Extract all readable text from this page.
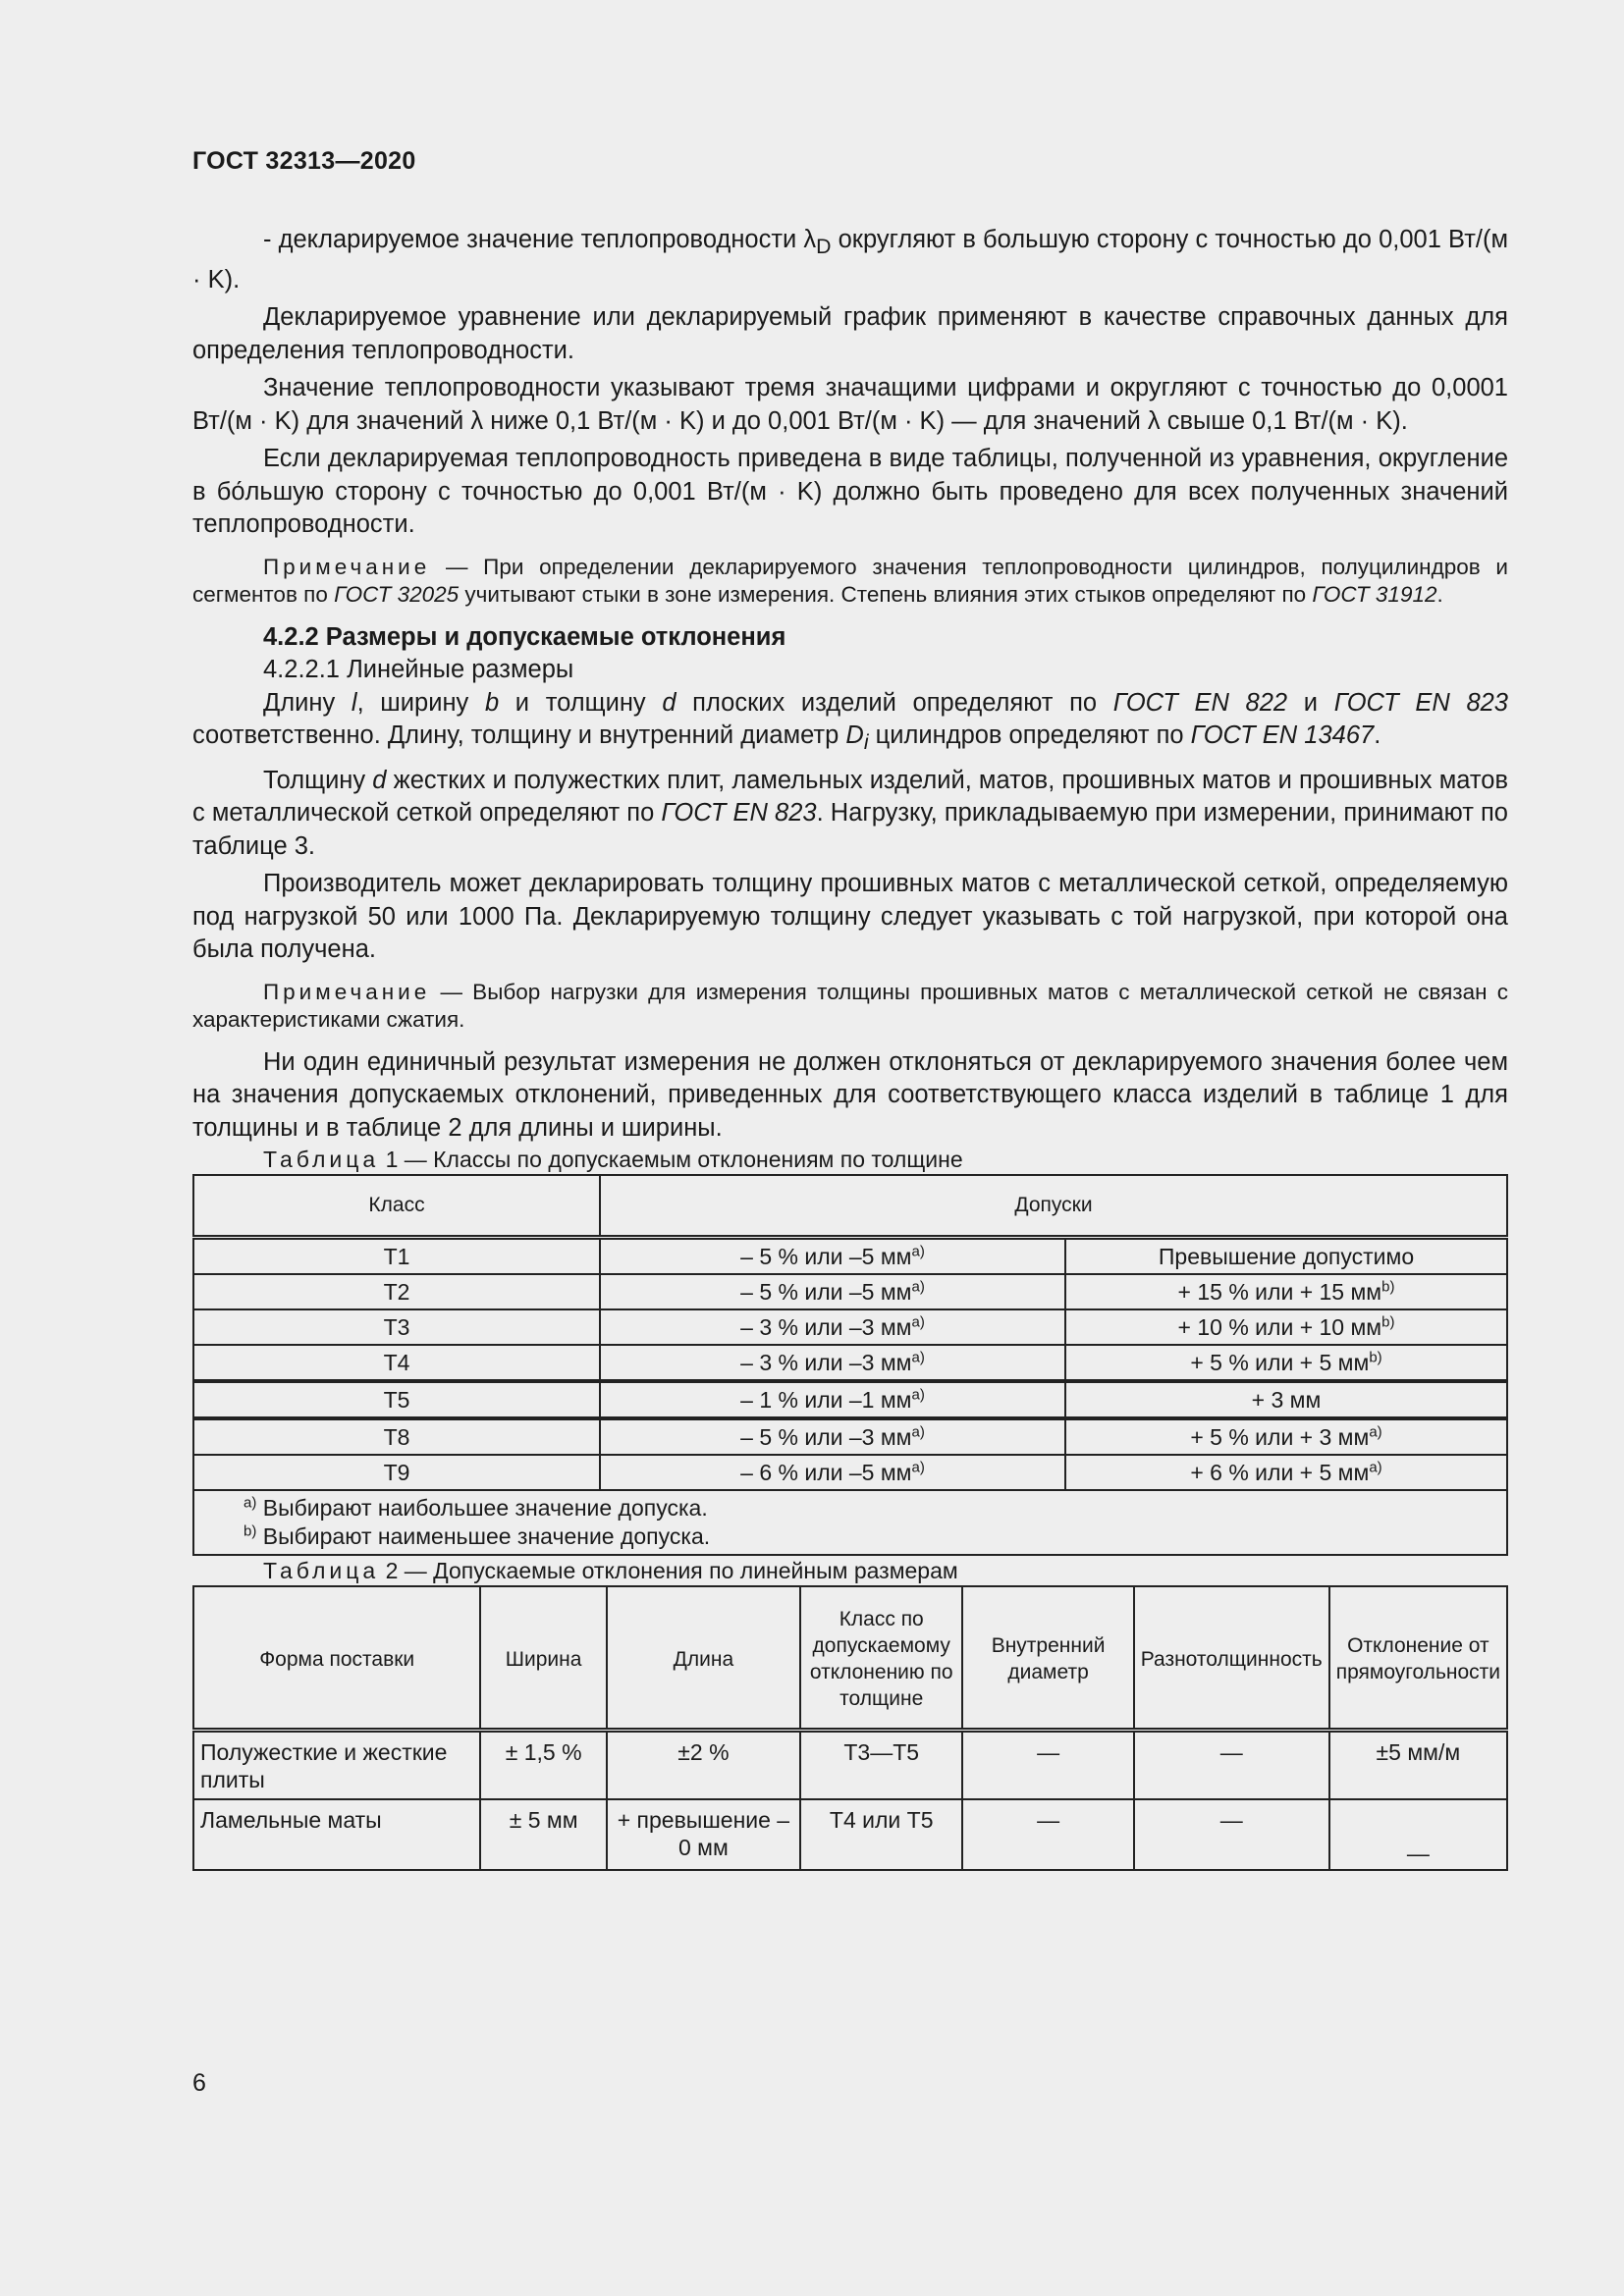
ГОСТ 32313—2020

- декларируемое значение теплопроводности $\lambda_D$ округляют в большую сторону с точностью до 0,001 Вт/(м · K).

Декларируемое уравнение или декларируемый график применяют в качестве справочных данных для определения теплопроводности.

Значение теплопроводности указывают тремя значащими цифрами и округляют с точностью до 0,0001 Вт/(м · K) для значений λ ниже 0,1 Вт/(м · K) и до 0,001 Вт/(м · K) — для значений λ свыше 0,1 Вт/(м · K).

Если декларируемая теплопроводность приведена в виде таблицы, полученной из уравнения, округление в бо́льшую сторону с точностью до 0,001 Вт/(м · K) должно быть проведено для всех полученных значений теплопроводности.

Примечание — При определении декларируемого значения теплопроводности цилиндров, полуцилиндров и сегментов по ГОСТ 32025 учитывают стыки в зоне измерения. Степень влияния этих стыков определяют по ГОСТ 31912.

4.2.2 Размеры и допускаемые отклонения

4.2.2.1 Линейные размеры

Длину l, ширину b и толщину d плоских изделий определяют по ГОСТ EN 822 и ГОСТ EN 823 соответственно. Длину, толщину и внутренний диаметр $D_i$ цилиндров определяют по ГОСТ EN 13467.

Толщину d жестких и полужестких плит, ламельных изделий, матов, прошивных матов и прошивных матов с металлической сеткой определяют по ГОСТ EN 823. Нагрузку, прикладываемую при измерении, принимают по таблице 3.

Производитель может декларировать толщину прошивных матов с металлической сеткой, определяемую под нагрузкой 50 или 1000 Па. Декларируемую толщину следует указывать с той нагрузкой, при которой она была получена.

Примечание — Выбор нагрузки для измерения толщины прошивных матов с металлической сеткой не связан с характеристиками сжатия.

Ни один единичный результат измерения не должен отклоняться от декларируемого значения более чем на значения допускаемых отклонений, приведенных для соответствующего класса изделий в таблице 1 для толщины и в таблице 2 для длины и ширины.

Таблица 1 — Классы по допускаемым отклонениям по толщине

Класс	Допуски	
T1	– 5 % или –5 $мм^{a)}$	Превышение допустимо
T2	– 5 % или –5 $мм^{a)}$	+ 15 % или + 15 $мм^{b)}$
T3	– 3 % или –3 $мм^{a)}$	+ 10 % или + 10 $мм^{b)}$
T4	– 3 % или –3 $мм^{a)}$	+ 5 % или + 5 $мм^{b)}$
T5	– 1 % или –1 $мм^{a)}$	+ 3 мм
T8	– 5 % или –3 $мм^{a)}$	+ 5 % или + 3 $мм^{a)}$
T9	– 6 % или –5 $мм^{a)}$	+ 6 % или + 5 $мм^{a)}$

$^{a)}$ Выбирают наибольшее значение допуска.
$^{b)}$ Выбирают наименьшее значение допуска.		

Таблица 2 — Допускаемые отклонения по линейным размерам

Форма поставки	Ширина	Длина	Класс по допускаемому отклонению по толщине	Внутренний диаметр	Разнотолщинность	Отклонение от прямоугольности
Полужесткие и жесткие плиты	± 1,5 %	±2 %	T3—T5	—	—	±5 мм/м
Ламельные маты	± 5 мм	+ превышение – 0 мм	T4 или T5	—	—	—
6
